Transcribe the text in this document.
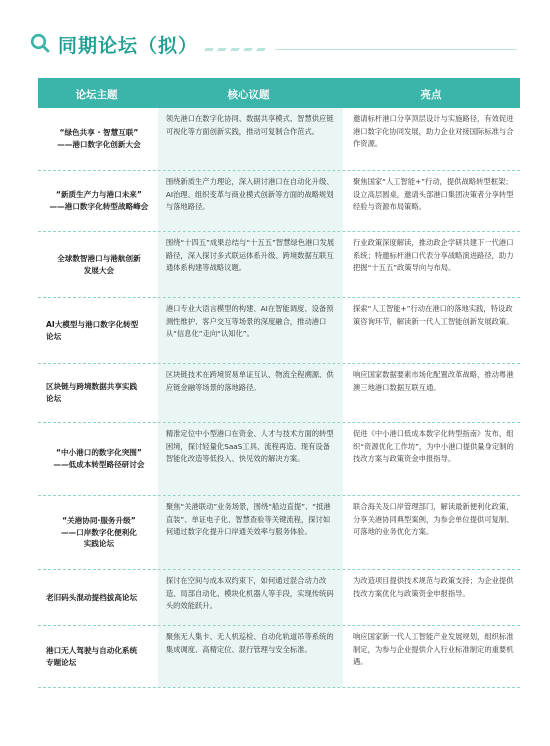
同期论坛（拟）
论坛主题	核心议题	亮点
“绿色共享 · 智慧互联”
——港口数字化创新大会
领先港口在数字化协同、数据共享模式、智慧供应链可视化等方面创新实践，推动可复制合作范式。
邀请标杆港口分享顶层设计与实施路径，有效促进港口数字化协同发展，助力企业对接国际标准与合作资源。
“新质生产力与港口未来”
——港口数字化转型战略峰会
围绕新质生产力理论，深入研讨港口在自动化升级、AI治理、组织变革与商业模式创新等方面的战略规划与落地路径。
聚焦国家“人工智能+”行动，提供战略转型框架；设立高层圆桌，邀请头部港口集团决策者分享转型经验与资源布局策略。
全球数智港口与港航创新
发展大会
围绕“十四五”成果总结与“十五五”智慧绿色港口发展路径，深入探讨多式联运体系升级、跨境数据互联互通体系构建等战略议题。
行业政策深度解读，推动政企学研共建下一代港口系统；特邀标杆港口代表分享战略演进路径，助力把握“十五五”政策导向与布局。
AI大模型与港口数字化转型
论坛
港口专业大语言模型的构建、AI在智能调度、设备预测性维护、客户交互等场景的深度融合，推动港口从“信息化”走向“认知化”。
探索“人工智能+”行动在港口的落地实践，特设政策咨询环节，解读新一代人工智能创新发展政策。
区块链与跨境数据共享实践
论坛
区块链技术在跨境贸易单证互认、物流全程溯源、供应链金融等场景的落地路径。
响应国家数据要素市场化配置改革战略，推动粤港澳三地港口数据互联互通。
“中小港口的数字化突围”
——低成本转型路径研讨会
精准定位中小型港口在资金、人才与技术方面的转型困境，探讨轻量化SaaS工具、流程再造、现有设备智能化改造等低投入、快见效的解决方案。
促进《中小港口低成本数字化转型指南》发布，组织“资源优化工作坊”，为中小港口提供量身定制的技改方案与政策资金申报指导。
“关港协同·服务升级”
——口岸数字化便利化
实践论坛
聚焦“关港联动”业务场景，围绕“船边直提”、“抵港直装”、单证电子化、智慧查验等关键流程，探讨如何通过数字化提升口岸通关效率与服务体验。
联合海关及口岸管理部门，解读最新便利化政策，分享关港协同典型案例，为参会单位提供可复制、可落地的业务优化方案。
老旧码头混动提档拔高论坛
探讨在空间与成本双约束下，如何通过混合动力改造、局部自动化、模块化机器人等手段，实现传统码头的效能跃升。
为改造项目提供技术规范与政策支持；为企业提供技改方案优化与政策资金申报指导。
港口无人驾驶与自动化系统
专题论坛
聚焦无人集卡、无人机巡检、自动化轨道吊等系统的集成调度、高精定位、混行管理与安全标准。
响应国家新一代人工智能产业发展规划，组织标准制定，为参与企业提供介入行业标准制定的重要机遇。
